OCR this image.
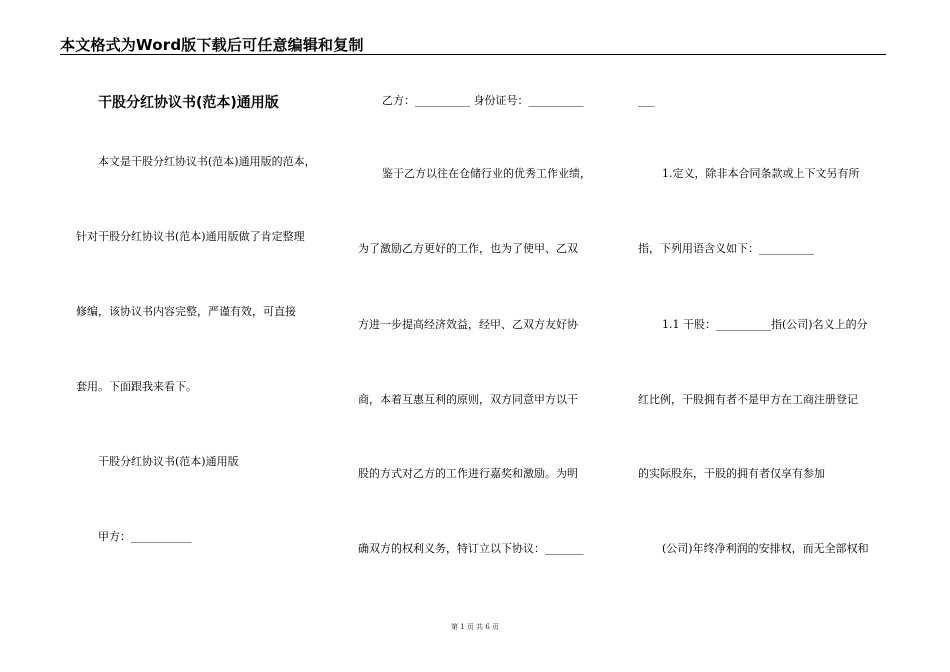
本文格式为Word版下载后可任意编辑和复制
干股分红协议书(范本)通用版
本文是干股分红协议书(范本)通用版的范本，
针对干股分红协议书(范本)通用版做了肯定整理
修编，该协议书内容完整，严谨有效，可直接
套用。下面跟我来看下。
干股分红协议书(范本)通用版
甲方：___________
乙方：__________ 身份证号：__________
鉴于乙方以往在仓储行业的优秀工作业绩，
为了激励乙方更好的工作，也为了使甲、乙双
方进一步提高经济效益，经甲、乙双方友好协
商，本着互惠互利的原则，双方同意甲方以干
股的方式对乙方的工作进行嘉奖和激励。为明
确双方的权利义务，特订立以下协议：_______
___
1.定义，除非本合同条款或上下文另有所
指，下列用语含义如下：__________
1.1 干股：__________指(公司)名义上的分
红比例，干股拥有者不是甲方在工商注册登记
的实际股东，干股的拥有者仅享有参加
(公司)年终净利润的安排权，而无全部权和
第 1 页 共 6 页
